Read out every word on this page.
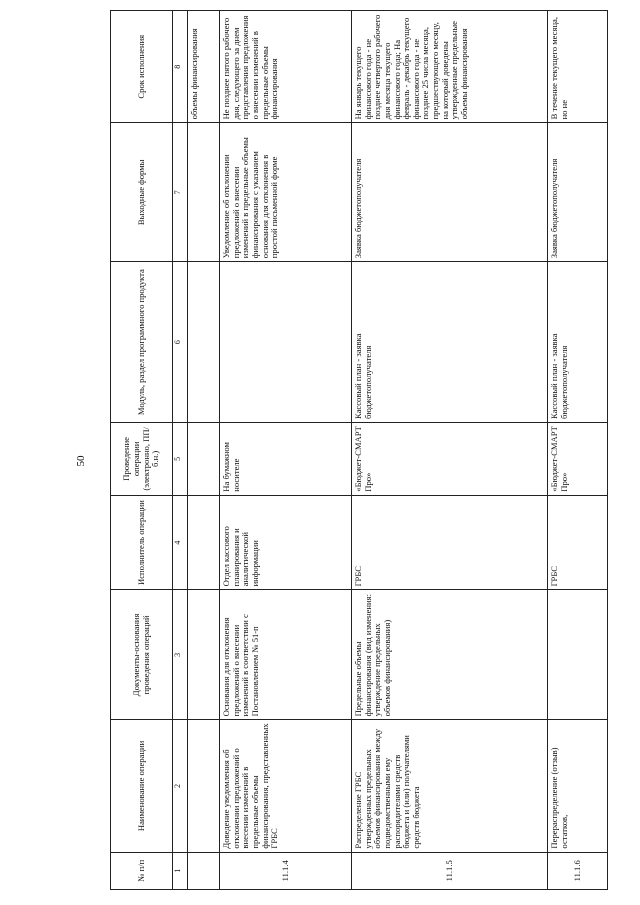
50
№ п/п	Наименование операции	Документы-основания проведения операций	Исполнитель операции	Проведение операции (электронно, ПП/б.н.)	Модуль, раздел программного продукта	Выходные формы	Срок исполнения
1	2	3	4	5	6	7	8
							объемы финансирования
11.1.4	Доведение уведомления об отклонении предложений о внесении изменений в предельные объемы финансирования, представленных ГРБС	Основания для отклонения предложений о внесении изменений в соответствии с Постановлением № 51-п	Отдел кассового планирования и аналитической информации	На бумажном носителе		Уведомление об отклонении предложений о внесении изменений в предельные объемы финансирования с указанием основания для отклонения в простой письменной форме	Не позднее пятого рабочего дня, следующего за днем представления предложения о внесении изменений в предельные объемы финансирования
11.1.5	Распределение ГРБС утвержденных предельных объемов финансирования между подведомственными ему распорядителями средств бюджета и (или) получателями средств бюджета	Предельные объемы финансирования (вид изменения: утверждение предельных объемов финансирования)	ГРБС	«Бюджет-СМАРТ Про»	Кассовый план - заявка бюджетополучателя	Заявка бюджетополучателя	На январь текущего финансового года - не позднее четвертого рабочего дня месяца текущего финансового года; На февраль - декабрь текущего финансового года - не позднее 25 числа месяца, предшествующего месяцу, на который доведены утвержденные предельные объемы финансирования
11.1.6	Перераспределение (отзыв) остатков,		ГРБС	«Бюджет-СМАРТ Про»	Кассовый план - заявка бюджетополучателя	Заявка бюджетополучателя	В течение текущего месяца, но не
